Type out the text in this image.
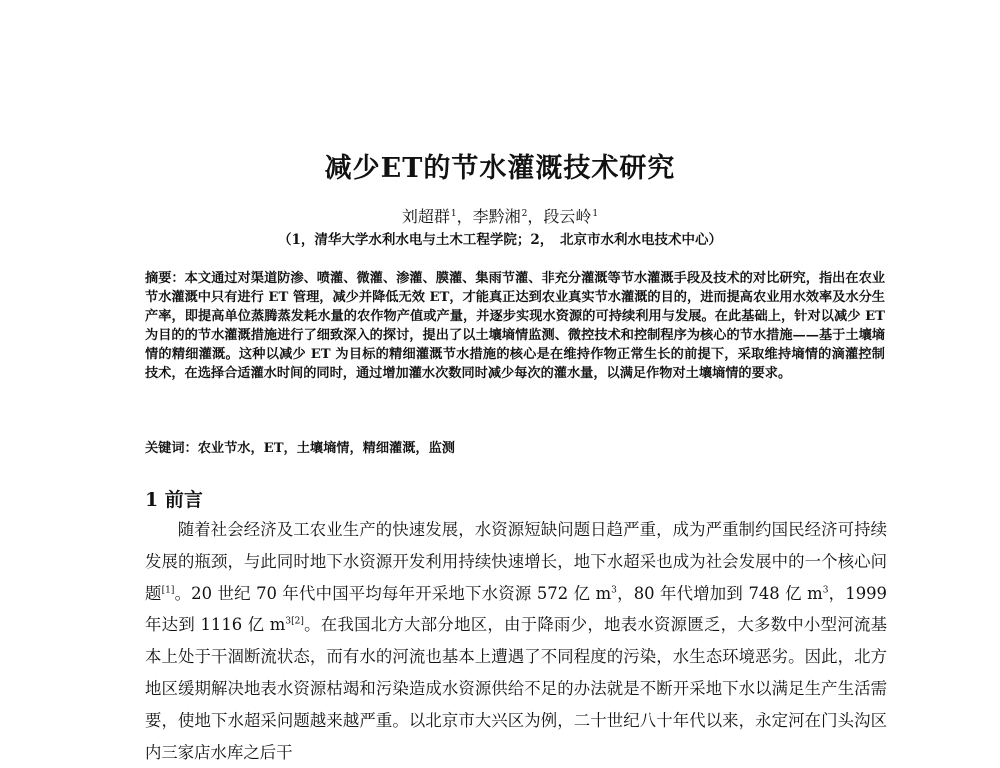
减少ET的节水灌溉技术研究
刘超群$^1$，李黔湘$^2$，段云岭$^1$
（1，清华大学水利水电与土木工程学院；2，　北京市水利水电技术中心）
摘要：本文通过对渠道防渗、喷灌、微灌、渗灌、膜灌、集雨节灌、非充分灌溉等节水灌溉手段及技术的对比研究，指出在农业节水灌溉中只有进行 ET 管理，减少并降低无效 ET，才能真正达到农业真实节水灌溉的目的，进而提高农业用水效率及水分生产率，即提高单位蒸腾蒸发耗水量的农作物产值或产量，并逐步实现水资源的可持续利用与发展。在此基础上，针对以减少 ET 为目的的节水灌溉措施进行了细致深入的探讨，提出了以土壤墒情监测、微控技术和控制程序为核心的节水措施——基于土壤墒情的精细灌溉。这种以减少 ET 为目标的精细灌溉节水措施的核心是在维持作物正常生长的前提下，采取维持墒情的滴灌控制技术，在选择合适灌水时间的同时，通过增加灌水次数同时减少每次的灌水量，以满足作物对土壤墒情的要求。
关键词：农业节水，ET，土壤墒情，精细灌溉，监测
1 前言

随着社会经济及工农业生产的快速发展，水资源短缺问题日趋严重，成为严重制约国民经济可持续发展的瓶颈，与此同时地下水资源开发利用持续快速增长，地下水超采也成为社会发展中的一个核心问题[1]。20 世纪 70 年代中国平均每年开采地下水资源 572 亿 $m^3$，80 年代增加到 748 亿 $m^3$，1999 年达到 1116 亿 $m^{3[2]}$。在我国北方大部分地区，由于降雨少，地表水资源匮乏，大多数中小型河流基本上处于干涸断流状态，而有水的河流也基本上遭遇了不同程度的污染，水生态环境恶劣。因此，北方地区缓期解决地表水资源枯竭和污染造成水资源供给不足的办法就是不断开采地下水以满足生产生活需要，使地下水超采问题越来越严重。以北京市大兴区为例，二十世纪八十年代以来，永定河在门头沟区内三家店水库之后干
